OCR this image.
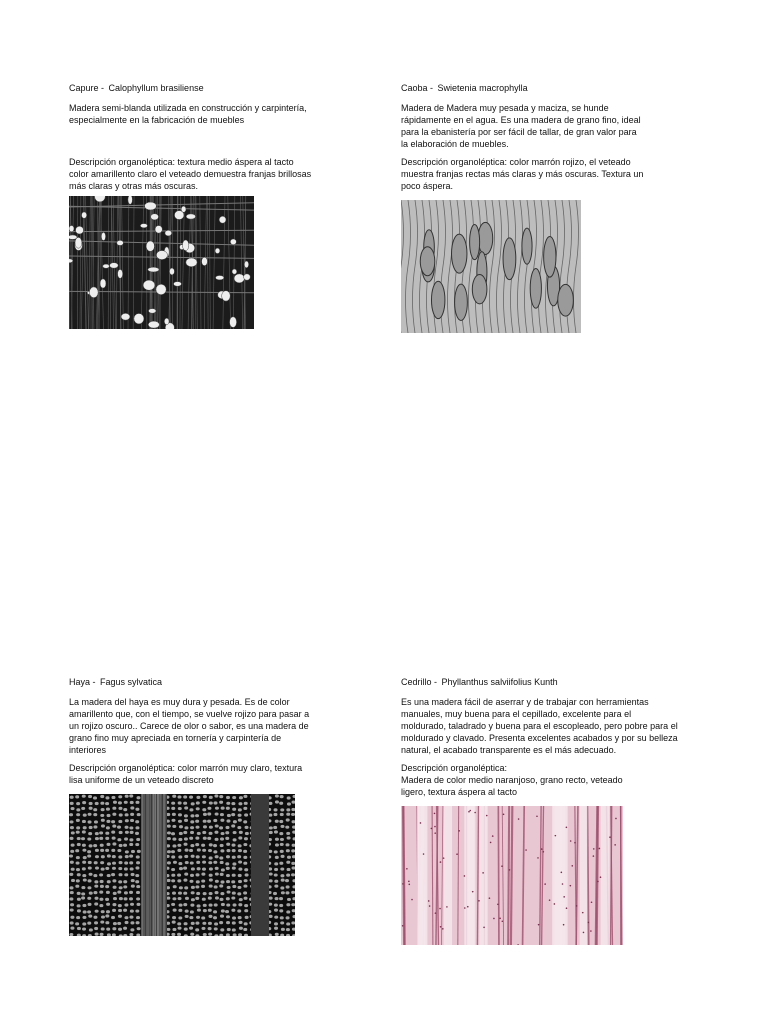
Capure - Calophyllum brasiliense

Madera semi-blanda utilizada en construcción y carpintería,
especialmente en la fabricación de muebles

Descripción organoléptica: textura medio áspera al tacto
color amarillento claro el veteado demuestra franjas brillosas
más claras y otras más oscuras.

Caoba - Swietenia macrophylla

Madera de Madera muy pesada y maciza, se hunde
rápidamente en el agua. Es una madera de grano fino, ideal
para la ebanistería por ser fácil de tallar, de gran valor para
la elaboración de muebles.

Descripción organoléptica: color marrón rojizo, el veteado
muestra franjas rectas más claras y más oscuras. Textura un
poco áspera.

Haya - Fagus sylvatica

La madera del haya es muy dura y pesada. Es de color
amarillento que, con el tiempo, se vuelve rojizo para pasar a
un rojizo oscuro.. Carece de olor o sabor, es una madera de
grano fino muy apreciada en tornería y carpintería de
interiores

Descripción organoléptica: color marrón muy claro, textura
lisa uniforme de un veteado discreto

Cedrillo - Phyllanthus salviifolius Kunth

Es una madera fácil de aserrar y de trabajar con herramientas
manuales, muy buena para el cepillado, excelente para el
moldurado, taladrado y buena para el escopleado, pero pobre para el
moldurado y clavado. Presenta excelentes acabados y por su belleza
natural, el acabado transparente es el más adecuado.

Descripción organoléptica:
Madera de color medio naranjoso, grano recto, veteado
ligero, textura áspera al tacto
